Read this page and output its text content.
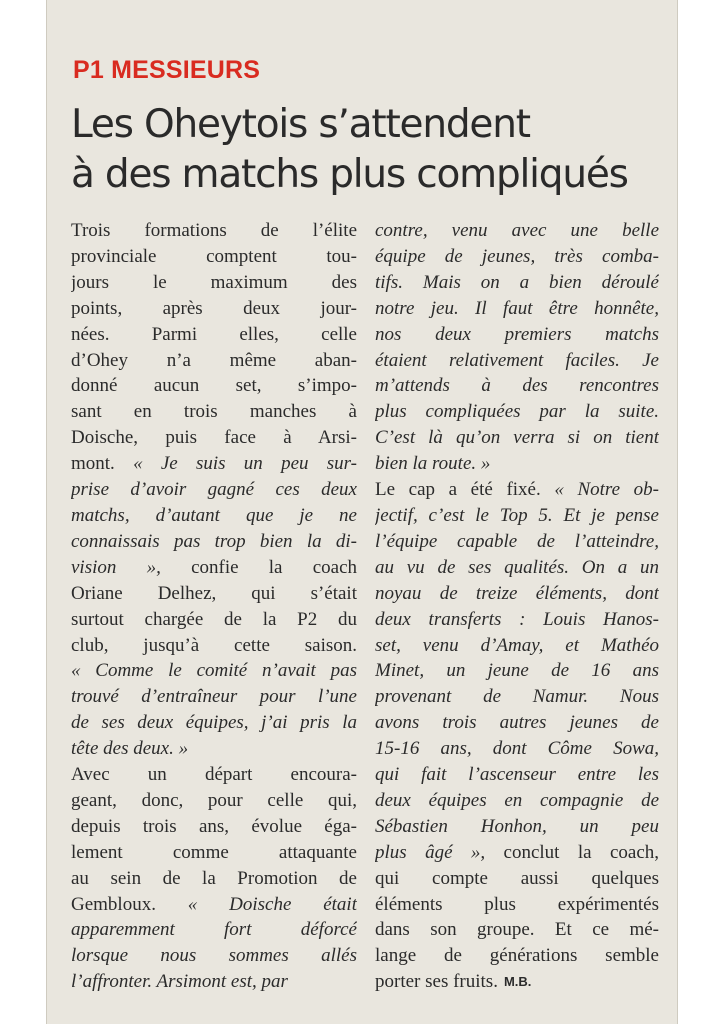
P1 MESSIEURS
Les Oheytois s’attendent
à des matchs plus compliqués
Trois formations de l’élite
provinciale comptent tou-
jours le maximum des
points, après deux jour-
nées. Parmi elles, celle
d’Ohey n’a même aban-
donné aucun set, s’impo-
sant en trois manches à
Doische, puis face à Arsi-
mont. « Je suis un peu sur-
prise d’avoir gagné ces deux
matchs, d’autant que je ne
connaissais pas trop bien la di-
vision », confie la coach
Oriane Delhez, qui s’était
surtout chargée de la P2 du
club, jusqu’à cette saison.
« Comme le comité n’avait pas
trouvé d’entraîneur pour l’une
de ses deux équipes, j’ai pris la
tête des deux. »
Avec un départ encoura-
geant, donc, pour celle qui,
depuis trois ans, évolue éga-
lement comme attaquante
au sein de la Promotion de
Gembloux. « Doische était
apparemment fort déforcé
lorsque nous sommes allés
l’affronter. Arsimont est, par
contre, venu avec une belle
équipe de jeunes, très comba-
tifs. Mais on a bien déroulé
notre jeu. Il faut être honnête,
nos deux premiers matchs
étaient relativement faciles. Je
m’attends à des rencontres
plus compliquées par la suite.
C’est là qu’on verra si on tient
bien la route. »
Le cap a été fixé. « Notre ob-
jectif, c’est le Top 5. Et je pense
l’équipe capable de l’atteindre,
au vu de ses qualités. On a un
noyau de treize éléments, dont
deux transferts : Louis Hanos-
set, venu d’Amay, et Mathéo
Minet, un jeune de 16 ans
provenant de Namur. Nous
avons trois autres jeunes de
15-16 ans, dont Côme Sowa,
qui fait l’ascenseur entre les
deux équipes en compagnie de
Sébastien Honhon, un peu
plus âgé », conclut la coach,
qui compte aussi quelques
éléments plus expérimentés
dans son groupe. Et ce mé-
lange de générations semble
porter ses fruits. M.B.
